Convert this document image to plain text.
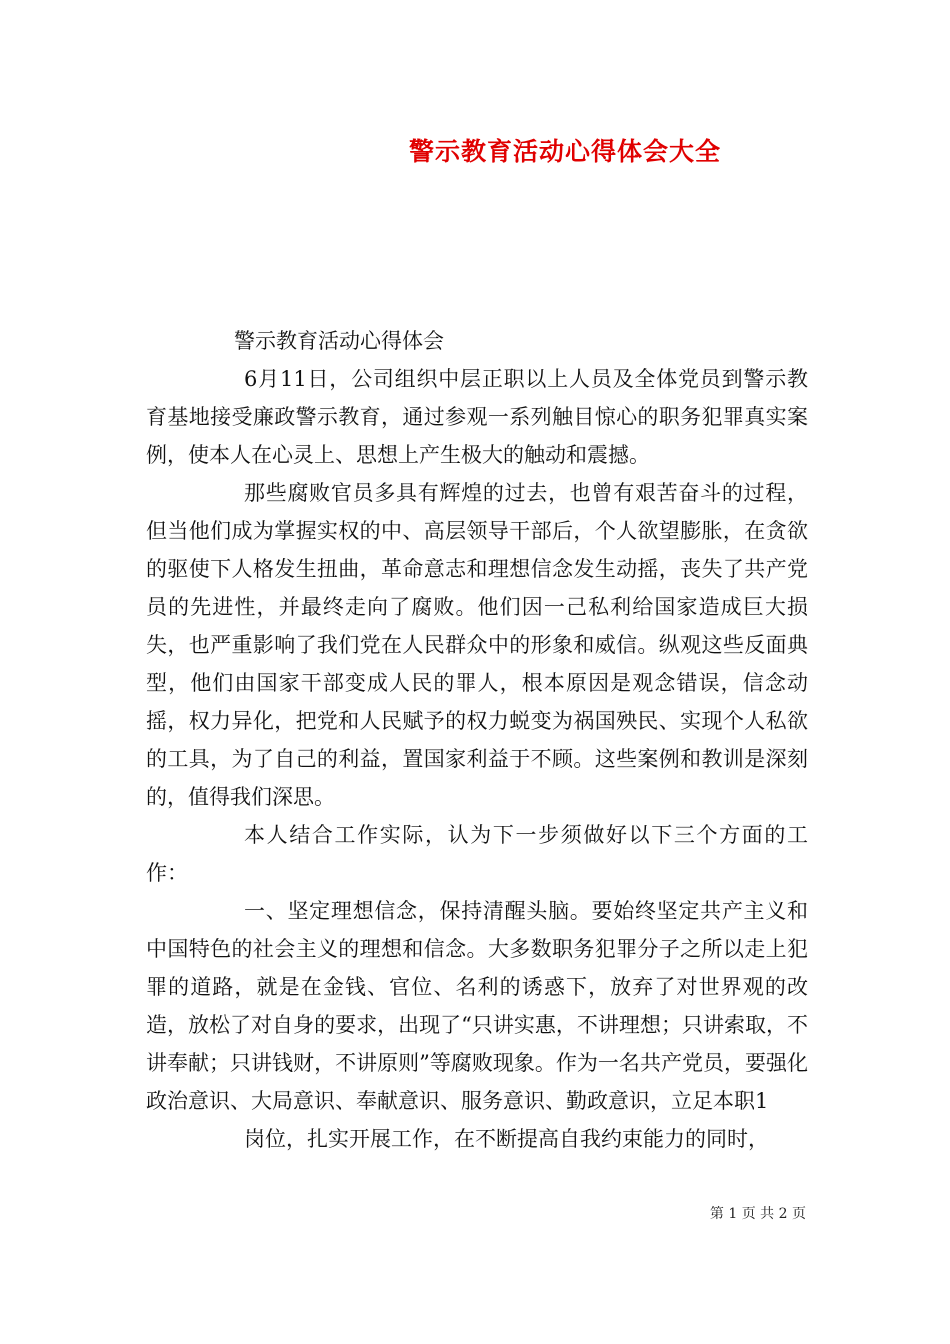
警示教育活动心得体会大全

警示教育活动心得体会

6月11日，公司组织中层正职以上人员及全体党员到警示教育基地接受廉政警示教育，通过参观一系列触目惊心的职务犯罪真实案例，使本人在心灵上、思想上产生极大的触动和震撼。

那些腐败官员多具有辉煌的过去，也曾有艰苦奋斗的过程，但当他们成为掌握实权的中、高层领导干部后，个人欲望膨胀，在贪欲的驱使下人格发生扭曲，革命意志和理想信念发生动摇，丧失了共产党员的先进性，并最终走向了腐败。他们因一己私利给国家造成巨大损失，也严重影响了我们党在人民群众中的形象和威信。纵观这些反面典型，他们由国家干部变成人民的罪人，根本原因是观念错误，信念动摇，权力异化，把党和人民赋予的权力蜕变为祸国殃民、实现个人私欲的工具，为了自己的利益，置国家利益于不顾。这些案例和教训是深刻的，值得我们深思。

本人结合工作实际，认为下一步须做好以下三个方面的工作：

一、坚定理想信念，保持清醒头脑。要始终坚定共产主义和中国特色的社会主义的理想和信念。大多数职务犯罪分子之所以走上犯罪的道路，就是在金钱、官位、名利的诱惑下，放弃了对世界观的改造，放松了对自身的要求，出现了“只讲实惠，不讲理想；只讲索取，不讲奉献；只讲钱财，不讲原则”等腐败现象。作为一名共产党员，要强化政治意识、大局意识、奉献意识、服务意识、勤政意识，立足本职1

岗位，扎实开展工作，在不断提高自我约束能力的同时，

第 1 页 共 2 页
